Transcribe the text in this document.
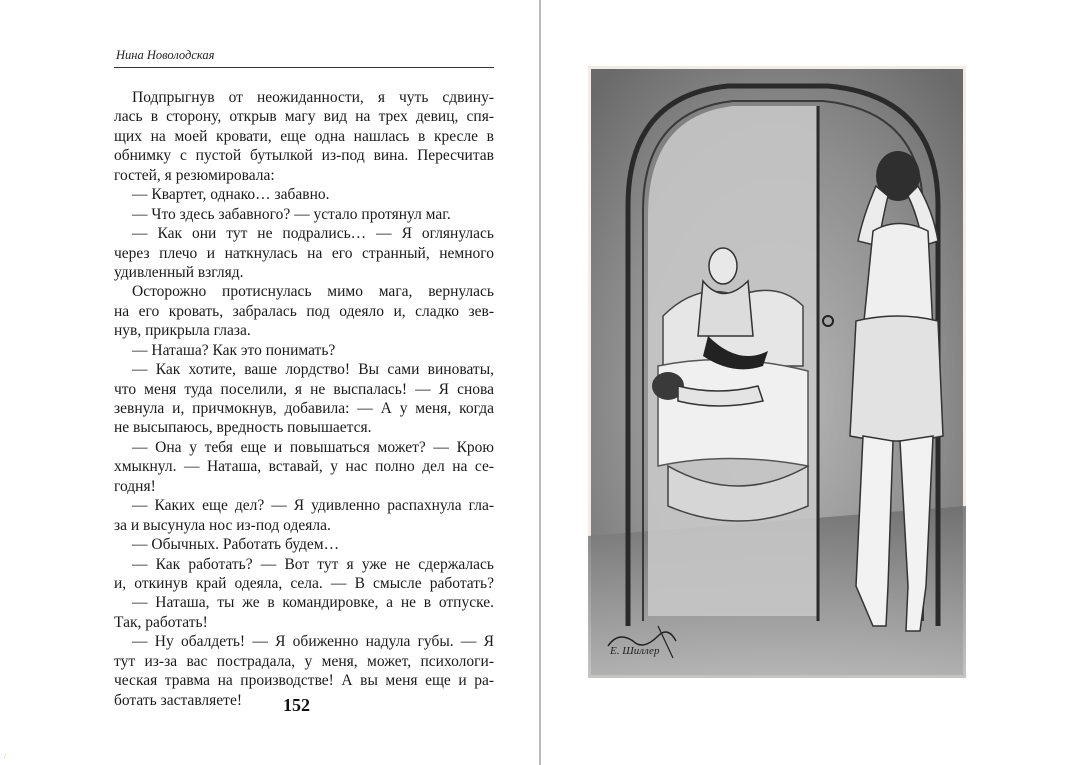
Нина Новолодская
Подпрыгнув от неожиданности, я чуть сдвину-
лась в сторону, открыв магу вид на трех девиц, спя-
щих на моей кровати, еще одна нашлась в кресле в
обнимку с пустой бутылкой из-под вина. Пересчитав
гостей, я резюмировала:
— Квартет, однако… забавно.
— Что здесь забавного? — устало протянул маг.
— Как они тут не подрались… — Я оглянулась
через плечо и наткнулась на его странный, немного
удивленный взгляд.
Осторожно протиснулась мимо мага, вернулась
на его кровать, забралась под одеяло и, сладко зев-
нув, прикрыла глаза.
— Наташа? Как это понимать?
— Как хотите, ваше лордство! Вы сами виноваты,
что меня туда поселили, я не выспалась! — Я снова
зевнула и, причмокнув, добавила: — А у меня, когда
не высыпаюсь, вредность повышается.
— Она у тебя еще и повышаться может? — Крою
хмыкнул. — Наташа, вставай, у нас полно дел на се-
годня!
— Каких еще дел? — Я удивленно распахнула гла-
за и высунула нос из-под одеяла.
— Обычных. Работать будем…
— Как работать? — Вот тут я уже не сдержалась
и, откинув край одеяла, села. — В смысле работать?
— Наташа, ты же в командировке, а не в отпуске.
Так, работать!
— Ну обалдеть! — Я обиженно надула губы. — Я
тут из-за вас пострадала, у меня, может, психологи-
ческая травма на производстве! А вы меня еще и ра-
ботать заставляете!	152
Е. Шиллер
/
